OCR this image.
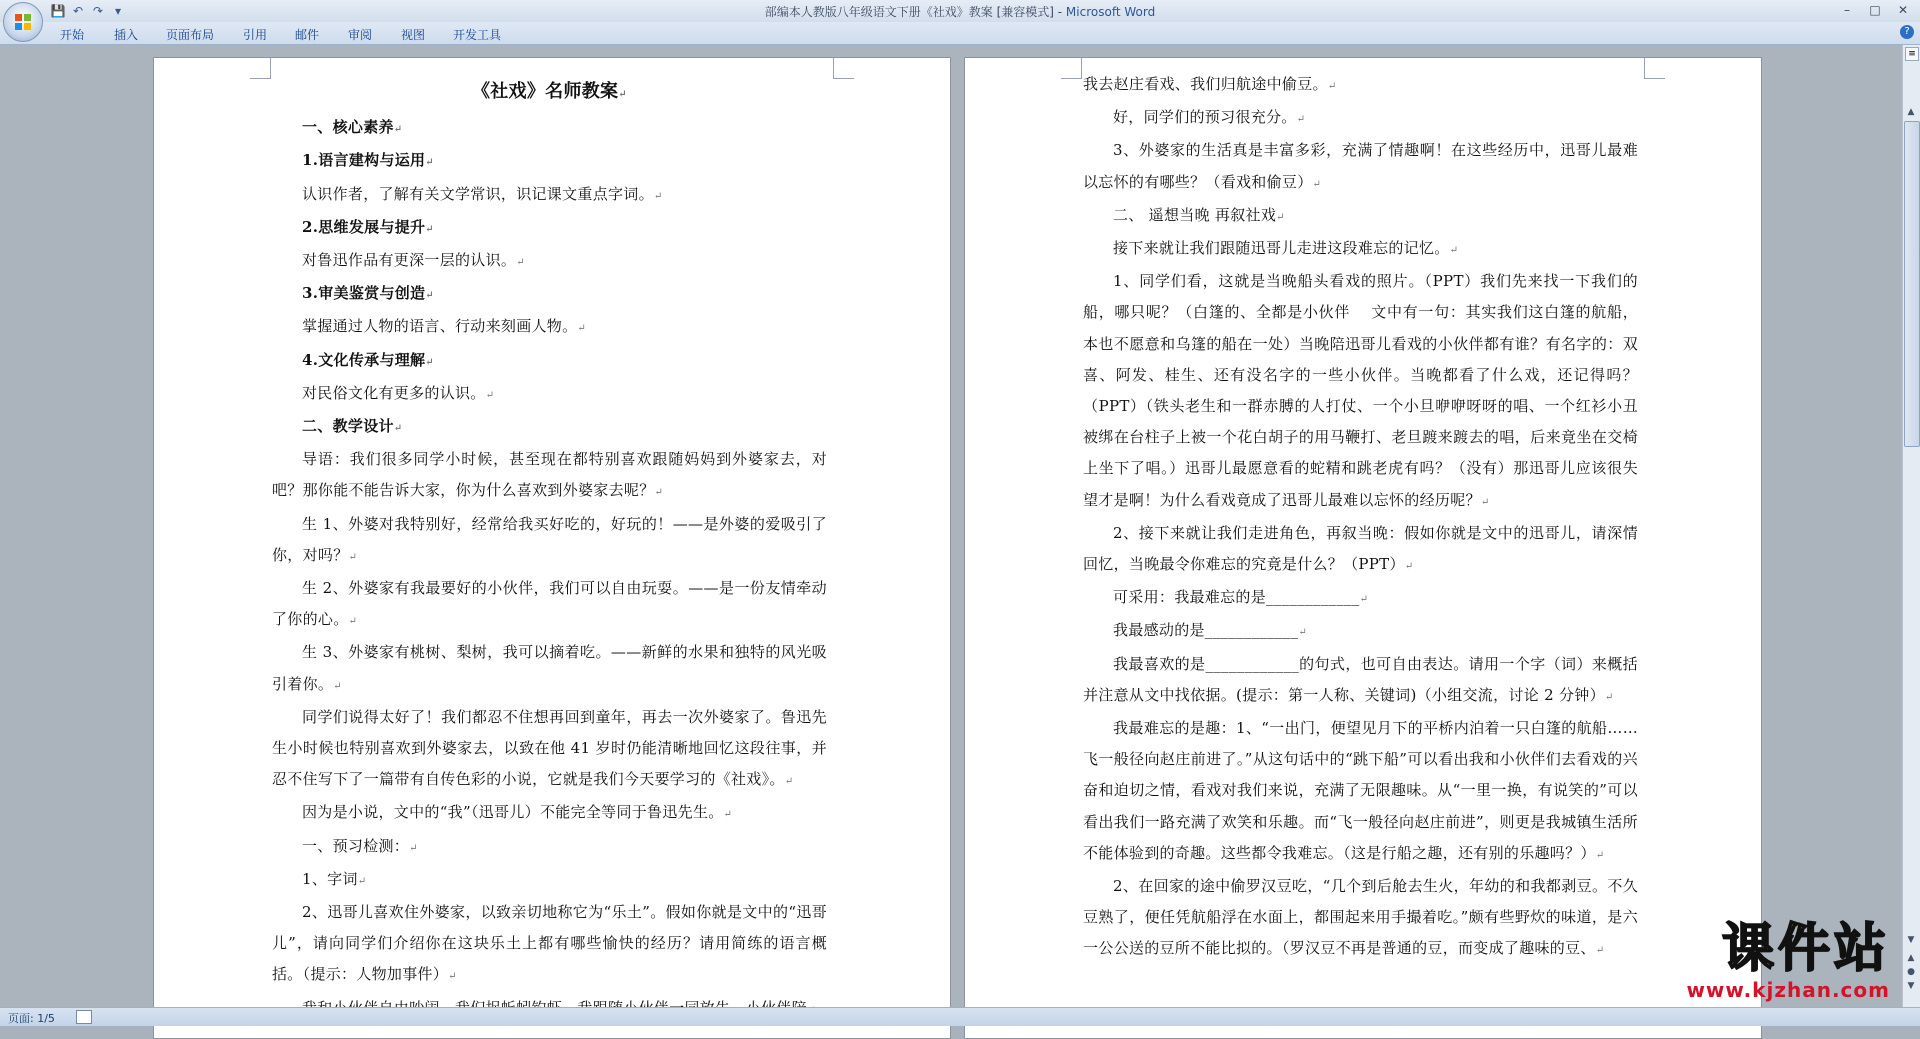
💾 ↶ ↷ ▾	部编本人教版八年级语文下册《社戏》教案 [兼容模式] - Microsoft Word	–	□	✕
开始 插入 页面布局 引用 邮件 审阅 视图 开发工具	?

《社戏》名师教案↵

一、核心素养↵

1.语言建构与运用↵

认识作者，了解有关文学常识，识记课文重点字词。↵

2.思维发展与提升↵

对鲁迅作品有更深一层的认识。↵

3.审美鉴赏与创造↵

掌握通过人物的语言、行动来刻画人物。↵

4.文化传承与理解↵

对民俗文化有更多的认识。↵

二、教学设计↵

导语：我们很多同学小时候，甚至现在都特别喜欢跟随妈妈到外婆家去，对吧？那你能不能告诉大家，你为什么喜欢到外婆家去呢？↵

生 1、外婆对我特别好，经常给我买好吃的，好玩的！——是外婆的爱吸引了你，对吗？↵

生 2、外婆家有我最要好的小伙伴，我们可以自由玩耍。——是一份友情牵动了你的心。↵

生 3、外婆家有桃树、梨树，我可以摘着吃。——新鲜的水果和独特的风光吸引着你。↵

同学们说得太好了！我们都忍不住想再回到童年，再去一次外婆家了。鲁迅先生小时候也特别喜欢到外婆家去，以致在他 41 岁时仍能清晰地回忆这段往事，并忍不住写下了一篇带有自传色彩的小说，它就是我们今天要学习的《社戏》。↵

因为是小说，文中的“我”（迅哥儿）不能完全等同于鲁迅先生。↵

一、预习检测：↵

1、字词↵

2、迅哥儿喜欢住外婆家，以致亲切地称它为“乐土”。假如你就是文中的“迅哥儿”，请向同学们介绍你在这块乐土上都有哪些愉快的经历？请用简练的语言概括。（提示：人物加事件）↵

我去赵庄看戏、我们归航途中偷豆。↵

好，同学们的预习很充分。↵

3、外婆家的生活真是丰富多彩，充满了情趣啊！在这些经历中，迅哥儿最难以忘怀的有哪些？（看戏和偷豆）↵

二、 遥想当晚 再叙社戏↵

接下来就让我们跟随迅哥儿走进这段难忘的记忆。↵

1、同学们看，这就是当晚船头看戏的照片。（PPT）我们先来找一下我们的船，哪只呢？（白篷的、全都是小伙伴　 文中有一句：其实我们这白篷的航船，本也不愿意和乌篷的船在一处）当晚陪迅哥儿看戏的小伙伴都有谁？有名字的：双喜、阿发、桂生、还有没名字的一些小伙伴。当晚都看了什么戏，还记得吗？（PPT）（铁头老生和一群赤膊的人打仗、一个小旦咿咿呀呀的唱、一个红衫小丑被绑在台柱子上被一个花白胡子的用马鞭打、老旦踱来踱去的唱，后来竟坐在交椅上坐下了唱。）迅哥儿最愿意看的蛇精和跳老虎有吗？（没有）那迅哥儿应该很失望才是啊！为什么看戏竟成了迅哥儿最难以忘怀的经历呢？↵

2、接下来就让我们走进角色，再叙当晚：假如你就是文中的迅哥儿，请深情回忆，当晚最令你难忘的究竟是什么？（PPT）↵

可采用：我最难忘的是____________↵

我最感动的是____________↵

我最喜欢的是____________的句式，也可自由表达。请用一个字（词）来概括并注意从文中找依据。(提示：第一人称、关键词)（小组交流，讨论 2 分钟）↵

我最难忘的是趣：1、“一出门，便望见月下的平桥内泊着一只白篷的航船……飞一般径向赵庄前进了。”从这句话中的“跳下船”可以看出我和小伙伴们去看戏的兴奋和迫切之情，看戏对我们来说，充满了无限趣味。从“一里一换，有说笑的”可以看出我们一路充满了欢笑和乐趣。而“飞一般径向赵庄前进”，则更是我城镇生活所不能体验到的奇趣。这些都令我难忘。（这是行船之趣，还有别的乐趣吗？）↵

2、在回家的途中偷罗汉豆吃，“几个到后舱去生火，年幼的和我都剥豆。不久豆熟了，便任凭航船浮在水面上，都围起来用手撮着吃。”颇有些野炊的味道，是六一公公送的豆所不能比拟的。（罗汉豆不再是普通的豆，而变成了趣味的豆、↵

≡
▲
▼
▲
●
▼
页面: 1/5
课件站
www.kjzhan.com
